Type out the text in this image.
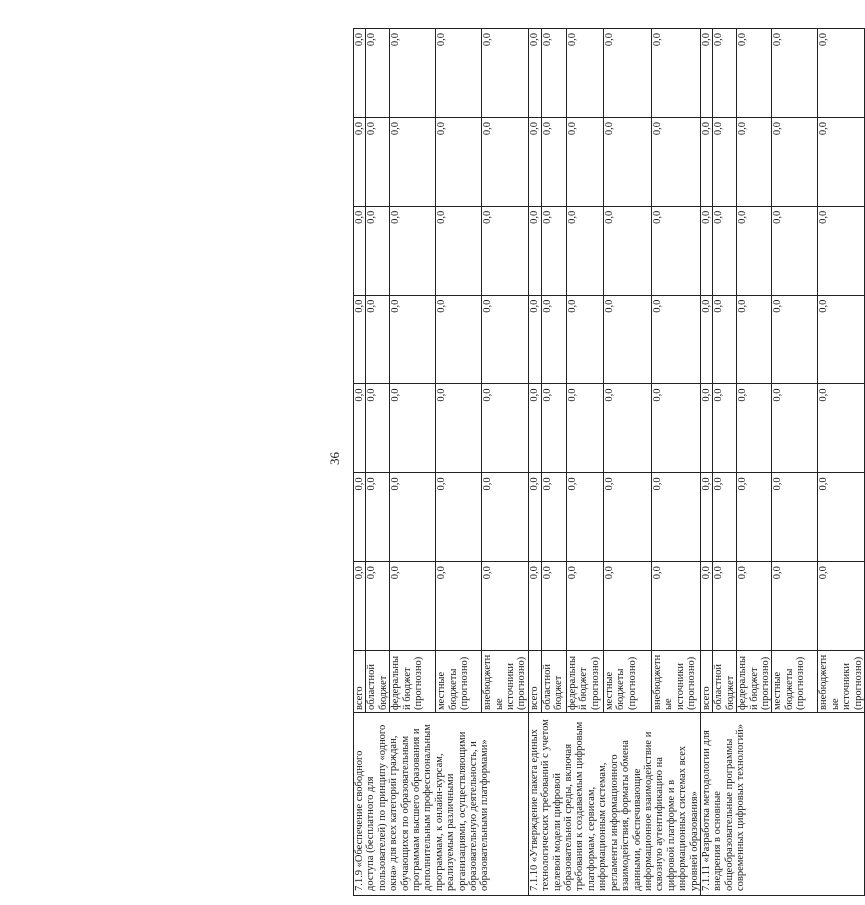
36
7.1.9 «Обеспечение свободного доступа (бесплатного для пользователей) по принципу «одного окна» для всех категорий граждан, обучающихся по образовательным программам высшего образования и дополнительным профессиональным программам, к онлайн-курсам, реализуемым различными организациями, осуществляющими образовательную деятельность, и образовательными платформами»	всего	0,0	0,0	0,0	0,0	0,0	0,0	0,0
	областной бюджет	0,0	0,0	0,0	0,0	0,0	0,0	0,0
	федеральный бюджет (прогнозно)	0,0	0,0	0,0	0,0	0,0	0,0	0,0
	местные бюджеты (прогнозно)	0,0	0,0	0,0	0,0	0,0	0,0	0,0
	внебюджетные источники (прогнозно)	0,0	0,0	0,0	0,0	0,0	0,0	0,0
7.1.10 «Утверждение пакета единых технологических требований с учетом целевой модели цифровой образовательной среды, включая требования к создаваемым цифровым платформам, сервисам, информационным системам, регламенты информационного взаимодействия, форматы обмена данными, обеспечивающие информационное взаимодействие и сквозную аутентификацию на цифровой платформе и в информационных системах всех уровней образования»	всего	0,0	0,0	0,0	0,0	0,0	0,0	0,0
	областной бюджет	0,0	0,0	0,0	0,0	0,0	0,0	0,0
	федеральный бюджет (прогнозно)	0,0	0,0	0,0	0,0	0,0	0,0	0,0
	местные бюджеты (прогнозно)	0,0	0,0	0,0	0,0	0,0	0,0	0,0
	внебюджетные источники (прогнозно)	0,0	0,0	0,0	0,0	0,0	0,0	0,0
7.1.11 «Разработка методологии для внедрения в основные общеобразовательные программы современных цифровых технологий»	всего	0,0	0,0	0,0	0,0	0,0	0,0	0,0
	областной бюджет	0,0	0,0	0,0	0,0	0,0	0,0	0,0
	федеральный бюджет (прогнозно)	0,0	0,0	0,0	0,0	0,0	0,0	0,0
	местные бюджеты (прогнозно)	0,0	0,0	0,0	0,0	0,0	0,0	0,0
	внебюджетные источники (прогнозно)	0,0	0,0	0,0	0,0	0,0	0,0	0,0
